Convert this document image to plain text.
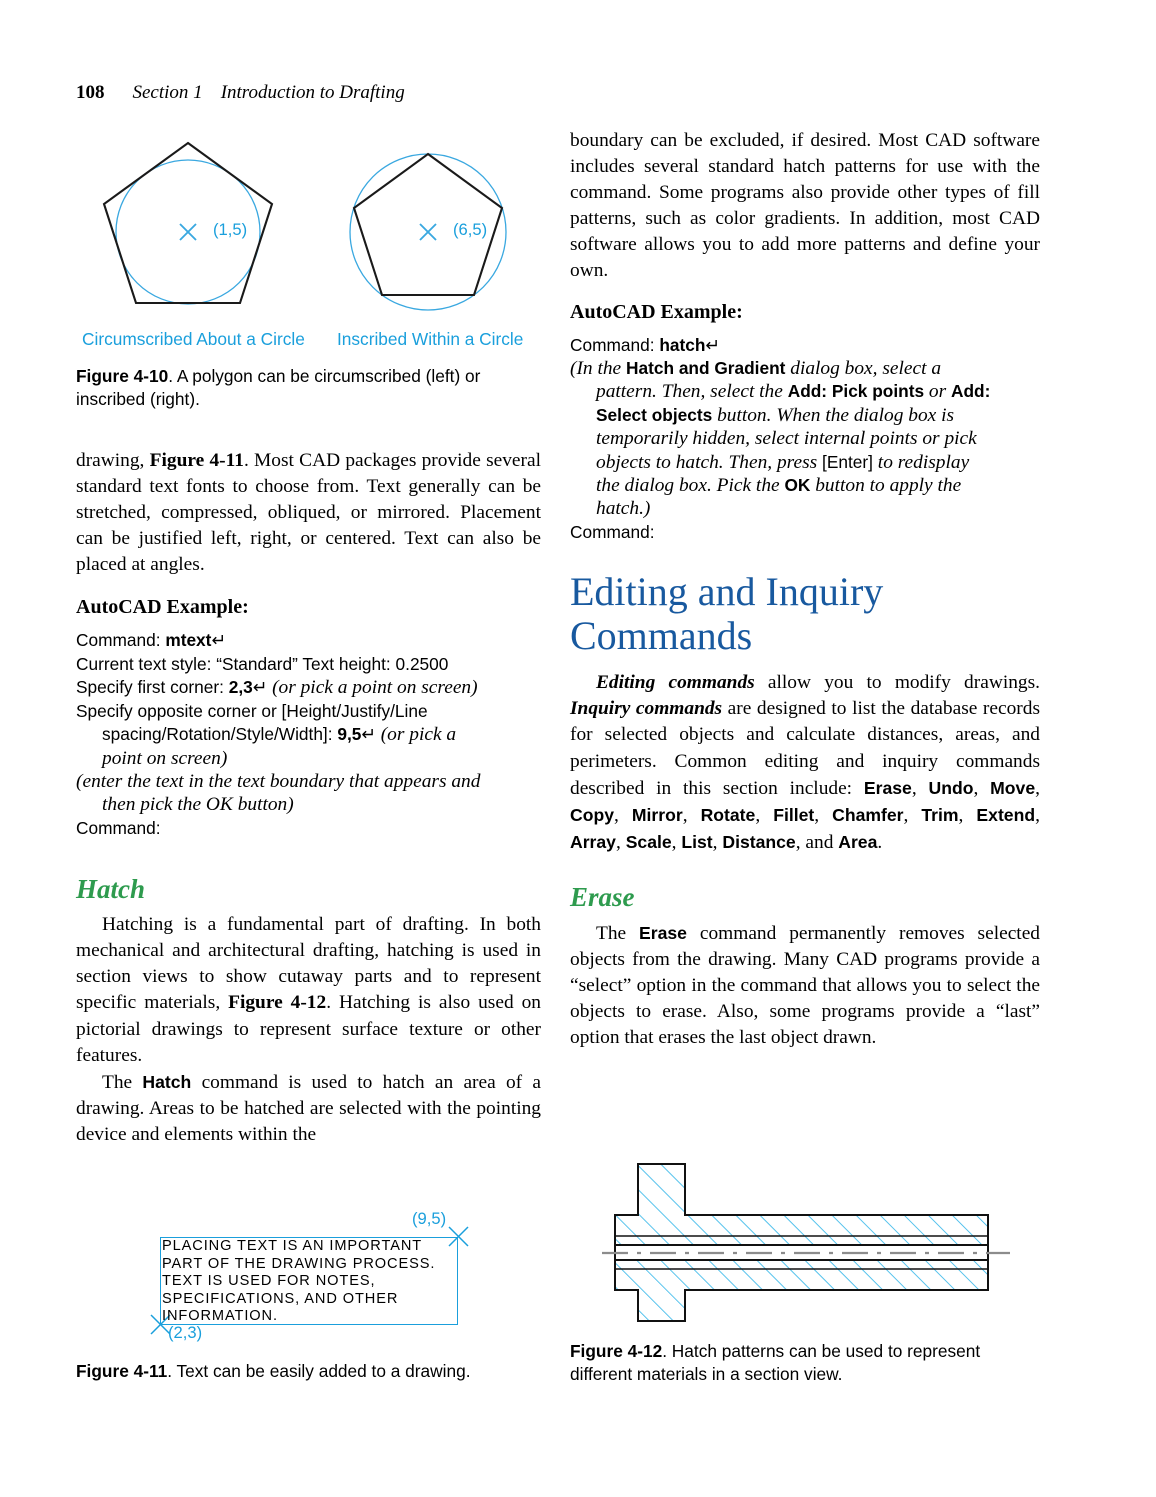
108 Section 1 Introduction to Drafting
(1,5)	(6,5)
Circumscribed About a Circle Inscribed Within a Circle
Figure 4-10. A polygon can be circumscribed (left) or inscribed (right).

drawing, Figure 4-11. Most CAD packages provide several standard text fonts to choose from. Text generally can be stretched, compressed, obliqued, or mirrored. Placement can be justified left, right, or centered. Text can also be placed at angles.

AutoCAD Example:
Command: mtext↵
Current text style: “Standard” Text height: 0.2500
Specify first corner: 2,3↵ (or pick a point on screen)
Specify opposite corner or [Height/Justify/Line
spacing/Rotation/Style/Width]: 9,5↵ (or pick a
point on screen)
(enter the text in the text boundary that appears and
then pick the OK button)
Command:
Hatch

Hatching is a fundamental part of drafting. In both mechanical and architectural drafting, hatching is used in section views to show cutaway parts and to represent specific materials, Figure 4-12. Hatching is also used on pictorial drawings to represent surface texture or other features.

The Hatch command is used to hatch an area of a drawing. Areas to be hatched are selected with the pointing device and elements within the

(9,5)
(2,3)
PLACING TEXT IS AN IMPORTANT
PART OF THE DRAWING PROCESS.
TEXT IS USED FOR NOTES,
SPECIFICATIONS, AND OTHER
INFORMATION.
Figure 4-11. Text can be easily added to a drawing.

boundary can be excluded, if desired. Most CAD software includes several standard hatch patterns for use with the command. Some programs also provide other types of fill patterns, such as color gradients. In addition, most CAD software allows you to add more patterns and define your own.

AutoCAD Example:
Command: hatch↵
(In the Hatch and Gradient dialog box, select a
pattern. Then, select the Add: Pick points or Add:
Select objects button. When the dialog box is
temporarily hidden, select internal points or pick
objects to hatch. Then, press [Enter] to redisplay
the dialog box. Pick the OK button to apply the
hatch.)
Command:
Editing and Inquiry
Commands

Editing commands allow you to modify drawings. Inquiry commands are designed to list the database records for selected objects and calculate distances, areas, and perimeters. Common editing and inquiry commands described in this section include: Erase, Undo, Move, Copy, Mirror, Rotate, Fillet, Chamfer, Trim, Extend, Array, Scale, List, Distance, and Area.

Erase

The Erase command permanently removes selected objects from the drawing. Many CAD programs provide a “select” option in the command that allows you to select the objects to erase. Also, some programs provide a “last” option that erases the last object drawn.

Figure 4-12. Hatch patterns can be used to represent different materials in a section view.
